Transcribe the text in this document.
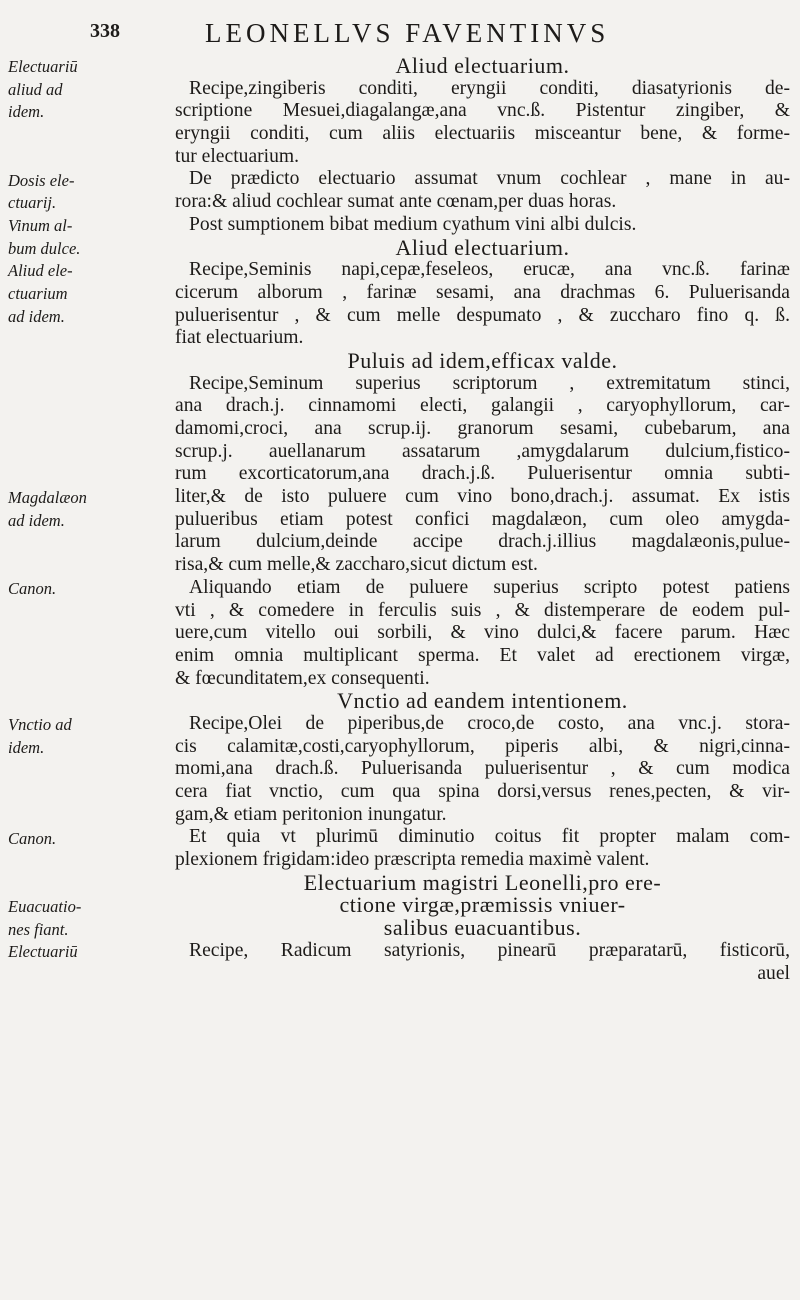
338	LEONELLVS FAVENTINVS
Aliud electuarium.
Recipe,zingiberis conditi, eryngii conditi, diasatyrionis de-
scriptione Mesuei,diagalangæ,ana vnc.ß. Pistentur zingiber, &
eryngii conditi, cum aliis electuariis misceantur bene, & forme-
tur electuarium.
De prædicto electuario assumat vnum cochlear , mane in au-
rora:& aliud cochlear sumat ante cœnam,per duas horas.
Post sumptionem bibat medium cyathum vini albi dulcis.
Aliud electuarium.
Recipe,Seminis napi,cepæ,feseleos, erucæ, ana vnc.ß. farinæ
cicerum alborum , farinæ sesami, ana drachmas 6. Puluerisanda
puluerisentur , & cum melle despumato , & zuccharo fino q. ß.
fiat electuarium.
Puluis ad idem,efficax valde.
Recipe,Seminum superius scriptorum , extremitatum stinci,
ana drach.j. cinnamomi electi, galangii , caryophyllorum, car-
damomi,croci, ana scrup.ij. granorum sesami, cubebarum, ana
scrup.j. auellanarum assatarum ,amygdalarum dulcium,fistico-
rum excorticatorum,ana drach.j.ß. Puluerisentur omnia subti-
liter,& de isto puluere cum vino bono,drach.j. assumat. Ex istis
pulueribus etiam potest confici magdalæon, cum oleo amygda-
larum dulcium,deinde accipe drach.j.illius magdalæonis,pulue-
risa,& cum melle,& zaccharo,sicut dictum est.
Aliquando etiam de puluere superius scripto potest patiens
vti , & comedere in ferculis suis , & distemperare de eodem pul-
uere,cum vitello oui sorbili, & vino dulci,& facere parum. Hæc
enim omnia multiplicant sperma. Et valet ad erectionem virgæ,
& fœcunditatem,ex consequenti.
Vnctio ad eandem intentionem.
Recipe,Olei de piperibus,de croco,de costo, ana vnc.j. stora-
cis calamitæ,costi,caryophyllorum, piperis albi, & nigri,cinna-
momi,ana drach.ß. Puluerisanda puluerisentur , & cum modica
cera fiat vnctio, cum qua spina dorsi,versus renes,pecten, & vir-
gam,& etiam peritonion inungatur.
Et quia vt plurimū diminutio coitus fit propter malam com-
plexionem frigidam:ideo præscripta remedia maximè valent.
Electuarium magistri Leonelli,pro ere-
ctione virgæ,præmissis vniuer-
salibus euacuantibus.
Recipe, Radicum satyrionis, pinearū præparatarū, fisticorū,
auel
Electuariū
aliud ad
idem.
Dosis ele-
ctuarij.
Vinum al-
bum dulce.
Aliud ele-
ctuarium
ad idem.
Magdalæon
ad idem.
Canon.
Vnctio ad
idem.
Canon.
Euacuatio-
nes fiant.
Electuariū
